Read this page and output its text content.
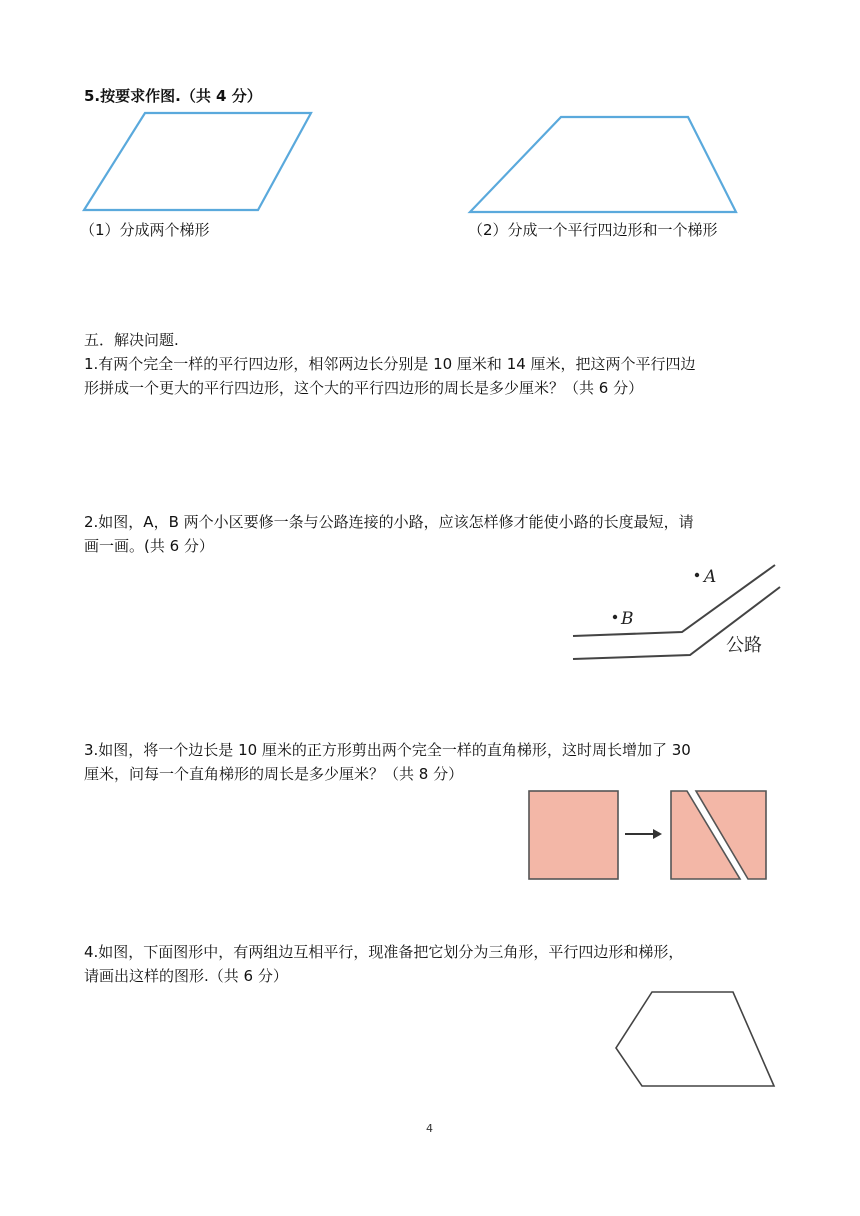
5.按要求作图.（共 4 分）
（1）分成两个梯形	（2）分成一个平行四边形和一个梯形
五．解决问题.
1.有两个完全一样的平行四边形，相邻两边长分别是 10 厘米和 14 厘米，把这两个平行四边
形拼成一个更大的平行四边形，这个大的平行四边形的周长是多少厘米？（共 6 分）
2.如图，A，B 两个小区要修一条与公路连接的小路，应该怎样修才能使小路的长度最短，请
画一画。(共 6 分）
A
B
公路
3.如图，将一个边长是 10 厘米的正方形剪出两个完全一样的直角梯形，这时周长增加了 30
厘米，问每一个直角梯形的周长是多少厘米？（共 8 分）
4.如图，下面图形中，有两组边互相平行，现准备把它划分为三角形，平行四边形和梯形，
请画出这样的图形.（共 6 分）
4
